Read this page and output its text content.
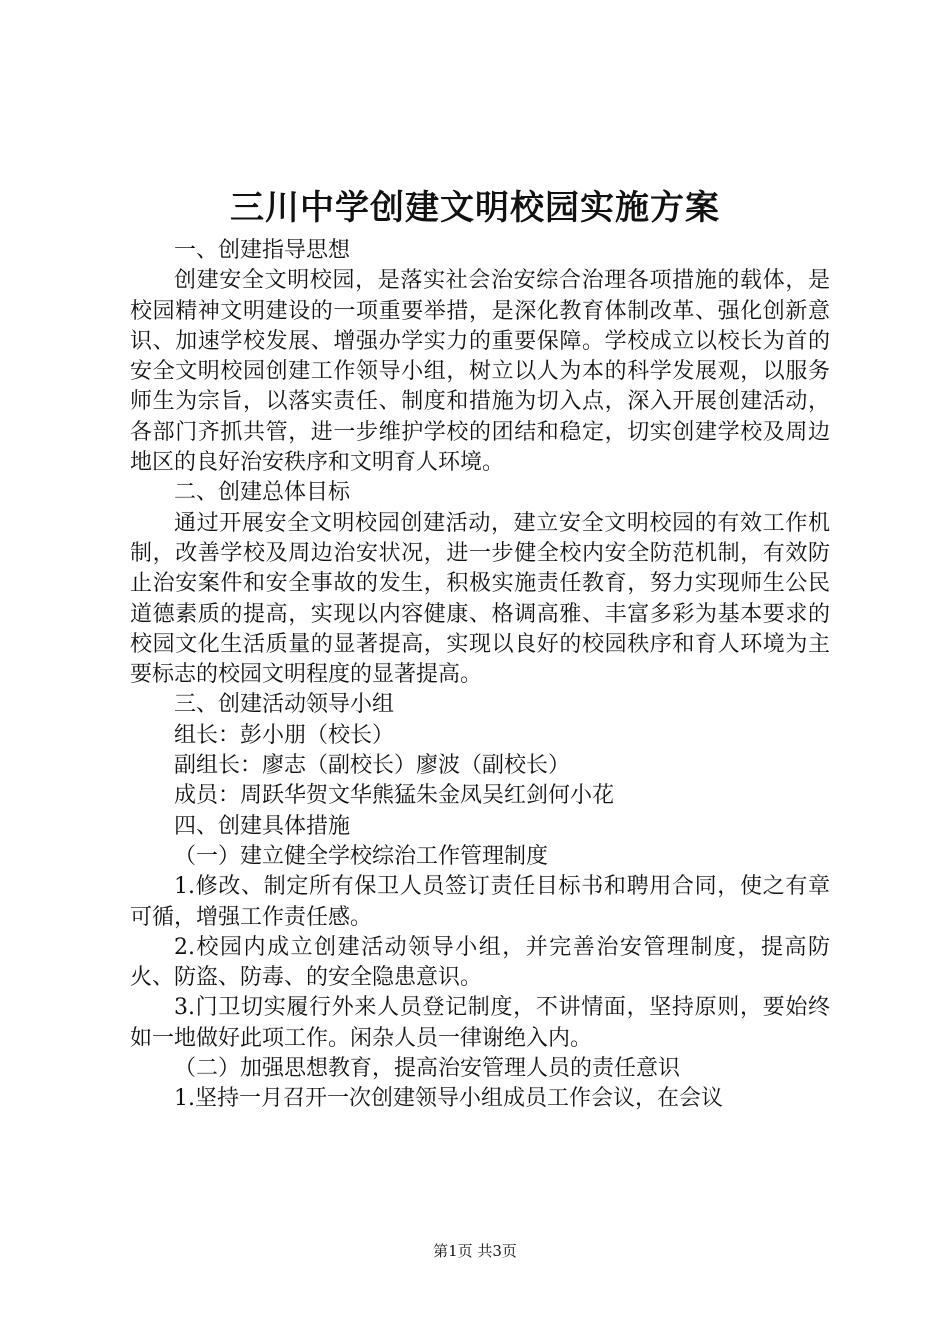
三川中学创建文明校园实施方案

一、创建指导思想

创建安全文明校园，是落实社会治安综合治理各项措施的载体，是校园精神文明建设的一项重要举措，是深化教育体制改革、强化创新意识、加速学校发展、增强办学实力的重要保障。学校成立以校长为首的安全文明校园创建工作领导小组，树立以人为本的科学发展观，以服务师生为宗旨，以落实责任、制度和措施为切入点，深入开展创建活动，各部门齐抓共管，进一步维护学校的团结和稳定，切实创建学校及周边地区的良好治安秩序和文明育人环境。

二、创建总体目标

通过开展安全文明校园创建活动，建立安全文明校园的有效工作机制，改善学校及周边治安状况，进一步健全校内安全防范机制，有效防止治安案件和安全事故的发生，积极实施责任教育，努力实现师生公民道德素质的提高，实现以内容健康、格调高雅、丰富多彩为基本要求的校园文化生活质量的显著提高，实现以良好的校园秩序和育人环境为主要标志的校园文明程度的显著提高。

三、创建活动领导小组

组长：彭小朋（校长）

副组长：廖志（副校长）廖波（副校长）

成员：周跃华贺文华熊猛朱金凤吴红剑何小花

四、创建具体措施

（一）建立健全学校综治工作管理制度

1.修改、制定所有保卫人员签订责任目标书和聘用合同，使之有章可循，增强工作责任感。

2.校园内成立创建活动领导小组，并完善治安管理制度，提高防火、防盗、防毒、的安全隐患意识。

3.门卫切实履行外来人员登记制度，不讲情面，坚持原则，要始终如一地做好此项工作。闲杂人员一律谢绝入内。

（二）加强思想教育，提高治安管理人员的责任意识

1.坚持一月召开一次创建领导小组成员工作会议，在会议

第1页 共3页
